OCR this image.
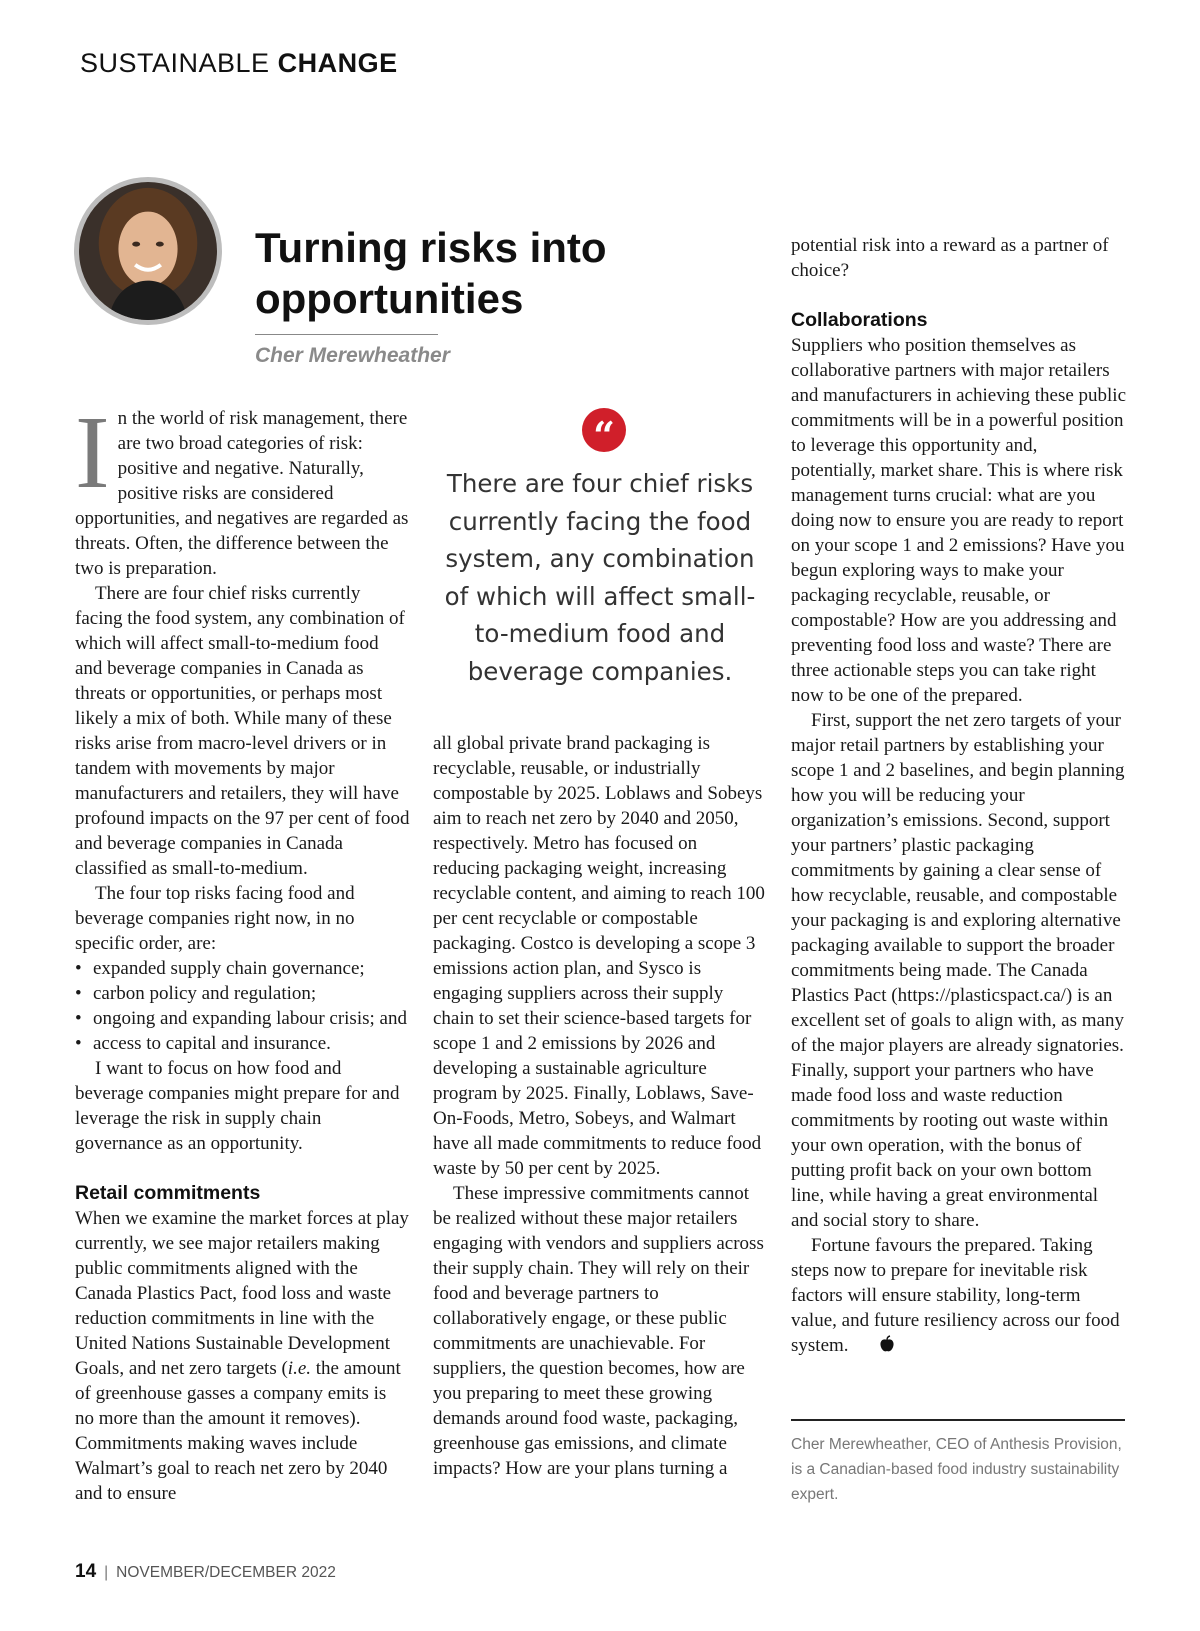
SUSTAINABLE CHANGE

Turning risks into opportunities

Cher Merewheather

In the world of risk management, there are two broad categories of risk: positive and negative. Naturally, positive risks are considered opportunities, and negatives are regarded as threats. Often, the difference between the two is preparation.

There are four chief risks currently facing the food system, any combination of which will affect small-to-medium food and beverage companies in Canada as threats or opportunities, or perhaps most likely a mix of both. While many of these risks arise from macro-level drivers or in tandem with movements by major manufacturers and retailers, they will have profound impacts on the 97 per cent of food and beverage companies in Canada classified as small-to-medium.

The four top risks facing food and beverage companies right now, in no specific order, are:

• expanded supply chain governance;
• carbon policy and regulation;
• ongoing and expanding labour crisis; and
• access to capital and insurance.

I want to focus on how food and beverage companies might prepare for and leverage the risk in supply chain governance as an opportunity.

Retail commitments

When we examine the market forces at play currently, we see major retailers making public commitments aligned with the Canada Plastics Pact, food loss and waste reduction commitments in line with the United Nations Sustainable Development Goals, and net zero targets (i.e. the amount of greenhouse gasses a company emits is no more than the amount it removes). Commitments making waves include Walmart’s goal to reach net zero by 2040 and to ensure

“

There are four chief risks currently facing the food system, any combination of which will affect small-to-medium food and beverage companies.

all global private brand packaging is recyclable, reusable, or industrially compostable by 2025. Loblaws and Sobeys aim to reach net zero by 2040 and 2050, respectively. Metro has focused on reducing packaging weight, increasing recyclable content, and aiming to reach 100 per cent recyclable or compostable packaging. Costco is developing a scope 3 emissions action plan, and Sysco is engaging suppliers across their supply chain to set their science-based targets for scope 1 and 2 emissions by 2026 and developing a sustainable agriculture program by 2025. Finally, Loblaws, Save-On-Foods, Metro, Sobeys, and Walmart have all made commitments to reduce food waste by 50 per cent by 2025.

These impressive commitments cannot be realized without these major retailers engaging with vendors and suppliers across their supply chain. They will rely on their food and beverage partners to collaboratively engage, or these public commitments are unachievable. For suppliers, the question becomes, how are you preparing to meet these growing demands around food waste, packaging, greenhouse gas emissions, and climate impacts? How are your plans turning a

potential risk into a reward as a partner of choice?

Collaborations

Suppliers who position themselves as collaborative partners with major retailers and manufacturers in achieving these public commitments will be in a powerful position to leverage this opportunity and, potentially, market share. This is where risk management turns crucial: what are you doing now to ensure you are ready to report on your scope 1 and 2 emissions? Have you begun exploring ways to make your packaging recyclable, reusable, or compostable? How are you addressing and preventing food loss and waste? There are three actionable steps you can take right now to be one of the prepared.

First, support the net zero targets of your major retail partners by establishing your scope 1 and 2 baselines, and begin planning how you will be reducing your organization’s emissions. Second, support your partners’ plastic packaging commitments by gaining a clear sense of how recyclable, reusable, and compostable your packaging is and exploring alternative packaging available to support the broader commitments being made. The Canada Plastics Pact (https://plasticspact.ca/) is an excellent set of goals to align with, as many of the major players are already signatories. Finally, support your partners who have made food loss and waste reduction commitments by rooting out waste within your own operation, with the bonus of putting profit back on your own bottom line, while having a great environmental and social story to share.

Fortune favours the prepared. Taking steps now to prepare for inevitable risk factors will ensure stability, long-term value, and future resiliency across our food system.

Cher Merewheather, CEO of Anthesis Provision, is a Canadian-based food industry sustainability expert.

14 | NOVEMBER/DECEMBER 2022
